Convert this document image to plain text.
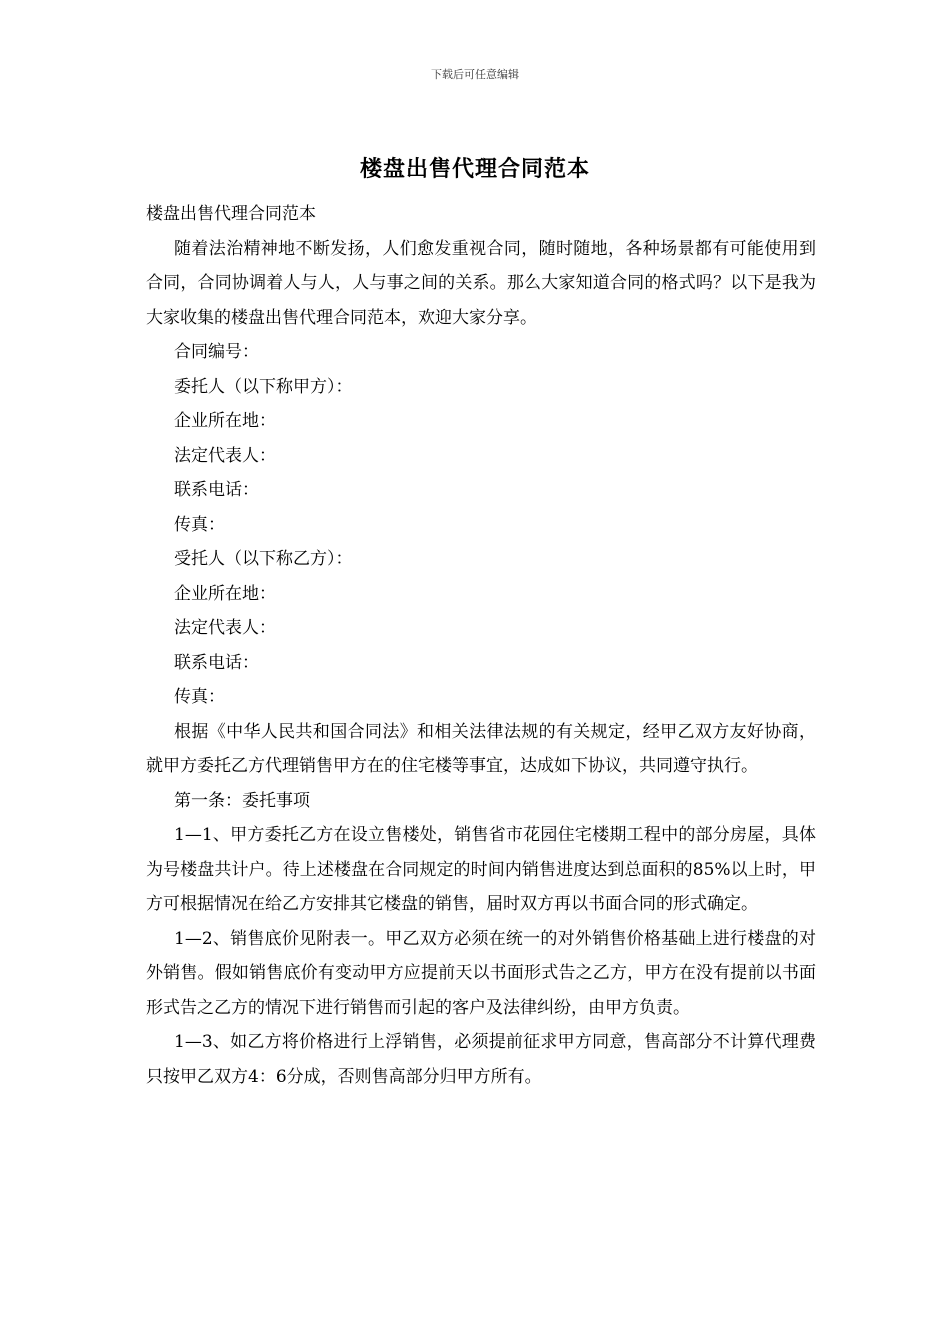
下载后可任意编辑
楼盘出售代理合同范本

楼盘出售代理合同范本

随着法治精神地不断发扬，人们愈发重视合同，随时随地，各种场景都有可能使用到合同，合同协调着人与人，人与事之间的关系。那么大家知道合同的格式吗？以下是我为大家收集的楼盘出售代理合同范本，欢迎大家分享。

合同编号：

委托人（以下称甲方）：

企业所在地：

法定代表人：

联系电话：

传真：

受托人（以下称乙方）：

企业所在地：

法定代表人：

联系电话：

传真：

根据《中华人民共和国合同法》和相关法律法规的有关规定，经甲乙双方友好协商，就甲方委托乙方代理销售甲方在的住宅楼等事宜，达成如下协议，共同遵守执行。

第一条：委托事项

1—1、甲方委托乙方在设立售楼处，销售省市花园住宅楼期工程中的部分房屋，具体为号楼盘共计户。待上述楼盘在合同规定的时间内销售进度达到总面积的85%以上时，甲方可根据情况在给乙方安排其它楼盘的销售，届时双方再以书面合同的形式确定。

1—2、销售底价见附表一。甲乙双方必须在统一的对外销售价格基础上进行楼盘的对外销售。假如销售底价有变动甲方应提前天以书面形式告之乙方，甲方在没有提前以书面形式告之乙方的情况下进行销售而引起的客户及法律纠纷，由甲方负责。

1—3、如乙方将价格进行上浮销售，必须提前征求甲方同意，售高部分不计算代理费只按甲乙双方4：6分成，否则售高部分归甲方所有。
